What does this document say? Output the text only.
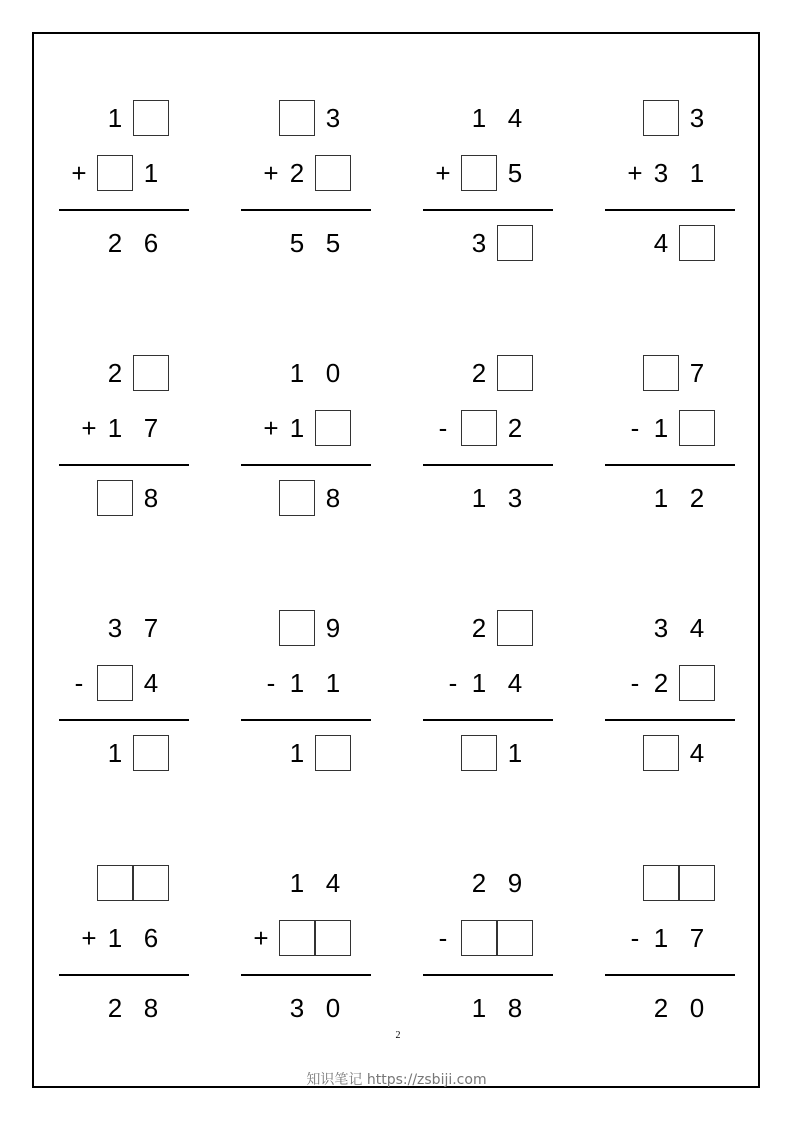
1
+	1
2 6
3
+ 2
5 5
1 4
+	5
3
3
+ 3 1
4
2
+ 1 7
8
1 0
+ 1
8
2
-	2
1 3
7
- 1
1 2
3 7
-	4
1
9
- 1 1
1
2
- 1 4
1
3 4
- 2
4
+ 1 6
2 8
1 4
+
3 0
2 9
-
1 8
- 1 7
2 0
2
知识笔记 https://zsbiji.com
